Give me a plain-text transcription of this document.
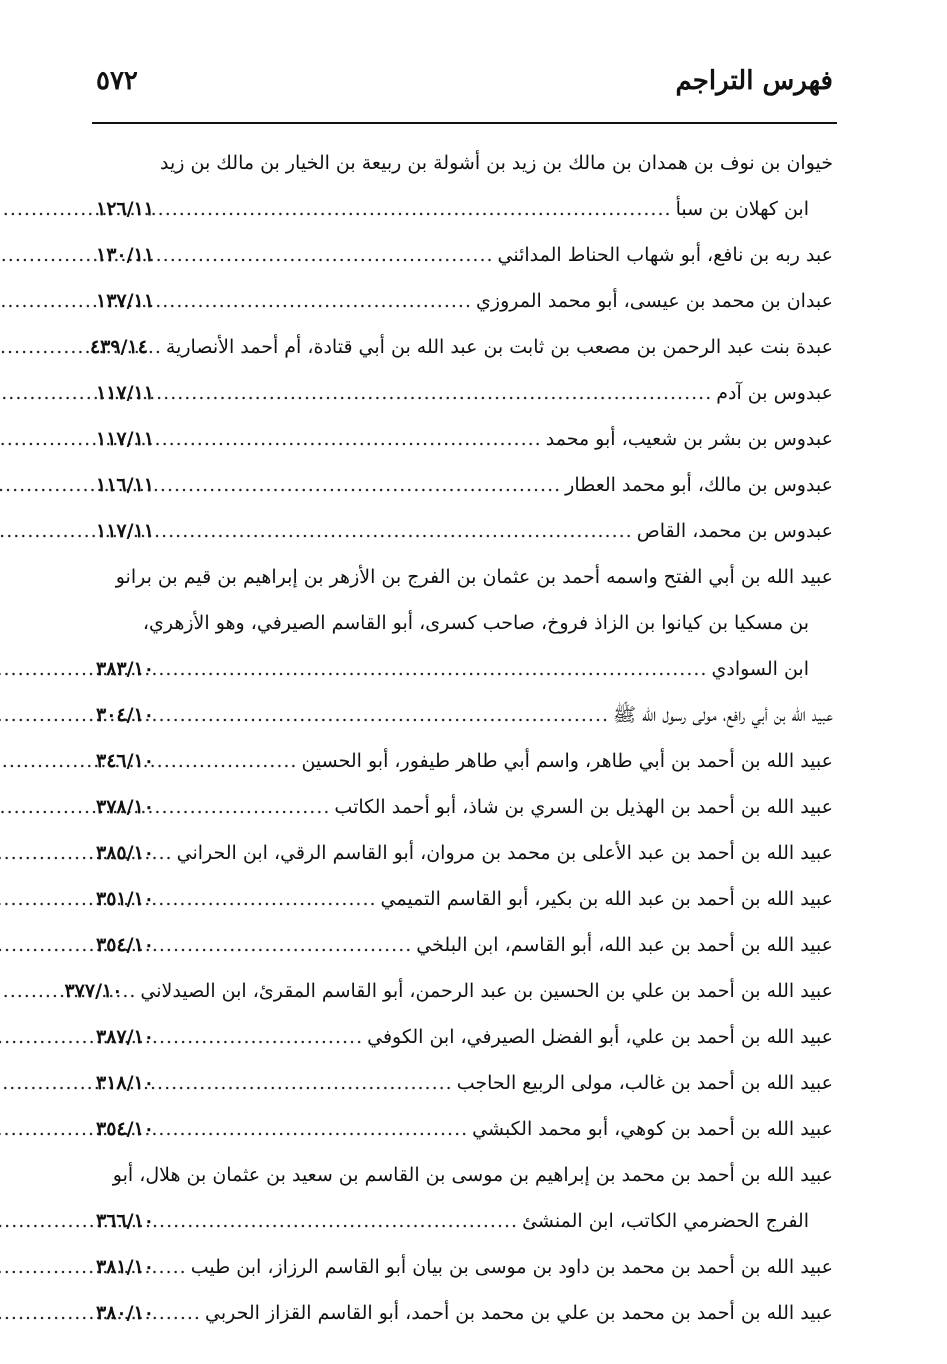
٥٧٢	فهرس التراجم
خيوان بن نوف بن همدان بن مالك بن زيد بن أشولة بن ربيعة بن الخيار بن مالك بن زيد
ابن كهلان بن سبأ
.....
١٢٦/١١
عبد ربه بن نافع، أبو شهاب الحناط المدائني
.....
١٣٠/١١
عبدان بن محمد بن عيسى، أبو محمد المروزي
.....
١٣٧/١١
عبدة بنت عبد الرحمن بن مصعب بن ثابت بن عبد الله بن أبي قتادة، أم أحمد الأنصارية
.....
٤٣٩/١٤
عبدوس بن آدم
.....
١١٧/١١
عبدوس بن بشر بن شعيب، أبو محمد
.....
١١٧/١١
عبدوس بن مالك، أبو محمد العطار
.....
١١٦/١١
عبدوس بن محمد، القاص
.....
١١٧/١١
عبيد الله بن أبي الفتح واسمه أحمد بن عثمان بن الفرج بن الأزهر بن إبراهيم بن قيم بن برانو
بن مسكيا بن كيانوا بن الزاذ فروخ، صاحب كسرى، أبو القاسم الصيرفي، وهو الأزهري،
ابن السوادي
.....
٣٨٣/١٠
عبيد الله بن أبي رافع، مولى رسول الله ﷺ
.....
٣٠٤/١٠
عبيد الله بن أحمد بن أبي طاهر، واسم أبي طاهر طيفور، أبو الحسين
.....
٣٤٦/١٠
عبيد الله بن أحمد بن الهذيل بن السري بن شاذ، أبو أحمد الكاتب
.....
٣٧٨/١٠
عبيد الله بن أحمد بن عبد الأعلى بن محمد بن مروان، أبو القاسم الرقي، ابن الحراني
.....
٣٨٥/١٠
عبيد الله بن أحمد بن عبد الله بن بكير، أبو القاسم التميمي
.....
٣٥١/١٠
عبيد الله بن أحمد بن عبد الله، أبو القاسم، ابن البلخي
.....
٣٥٤/١٠
عبيد الله بن أحمد بن علي بن الحسين بن عبد الرحمن، أبو القاسم المقرئ، ابن الصيدلاني
.....
٣٧٧/١٠
عبيد الله بن أحمد بن علي، أبو الفضل الصيرفي، ابن الكوفي
.....
٣٨٧/١٠
عبيد الله بن أحمد بن غالب، مولى الربيع الحاجب
.....
٣١٨/١٠
عبيد الله بن أحمد بن كوهي، أبو محمد الكبشي
.....
٣٥٤/١٠
عبيد الله بن أحمد بن محمد بن إبراهيم بن موسى بن القاسم بن سعيد بن عثمان بن هلال، أبو
الفرج الحضرمي الكاتب، ابن المنشئ
.....
٣٦٦/١٠
عبيد الله بن أحمد بن محمد بن داود بن موسى بن بيان أبو القاسم الرزاز، ابن طيب
.....
٣٨١/١٠
عبيد الله بن أحمد بن محمد بن علي بن محمد بن أحمد، أبو القاسم القزاز الحربي
.....
٣٨٠/١٠
